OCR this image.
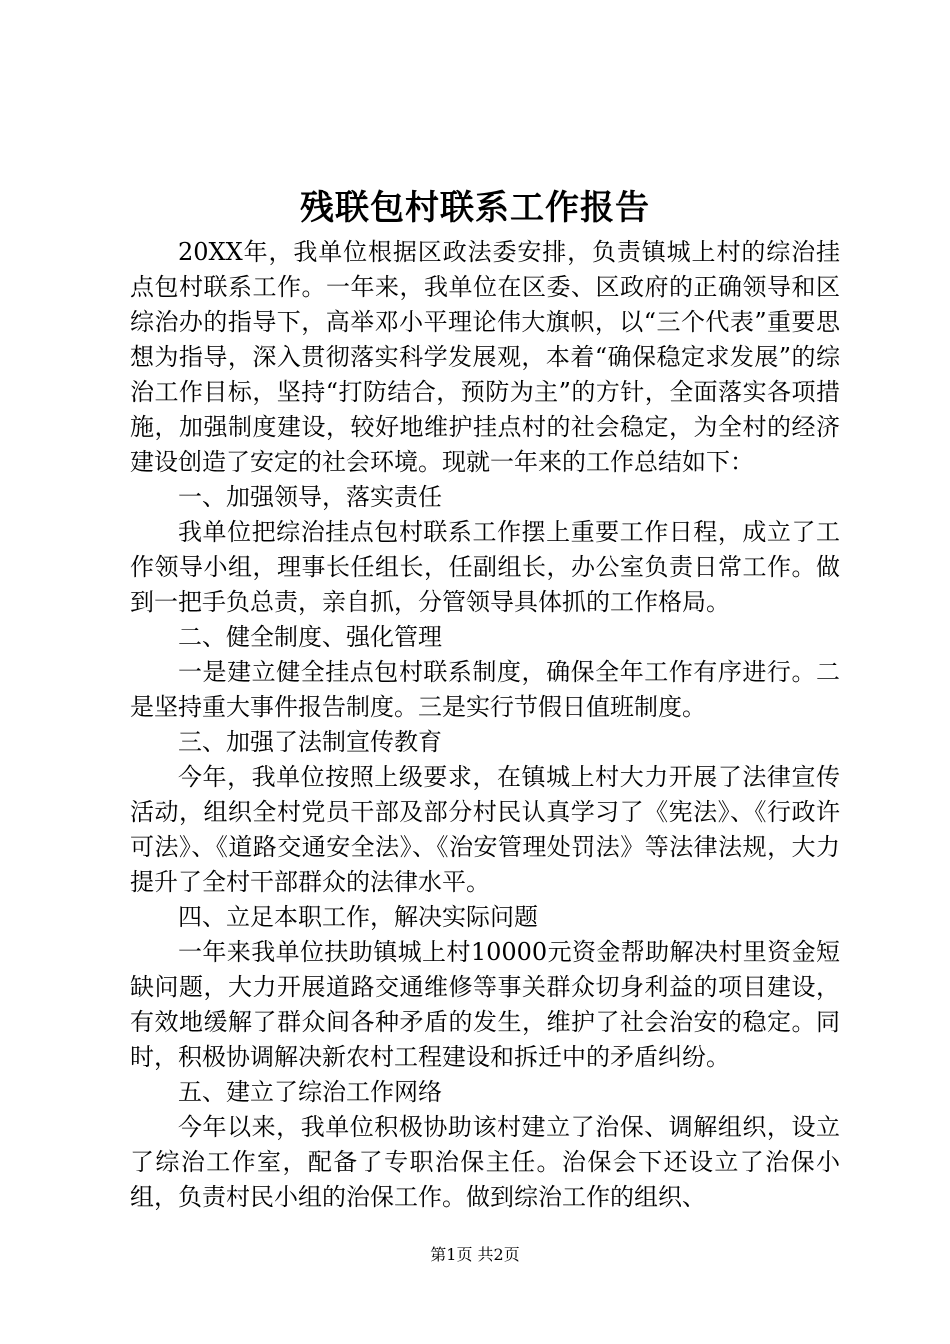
残联包村联系工作报告

20XX年，我单位根据区政法委安排，负责镇城上村的综治挂点包村联系工作。一年来，我单位在区委、区政府的正确领导和区综治办的指导下，高举邓小平理论伟大旗帜，以“三个代表”重要思想为指导，深入贯彻落实科学发展观，本着“确保稳定求发展”的综治工作目标，坚持“打防结合，预防为主”的方针，全面落实各项措施，加强制度建设，较好地维护挂点村的社会稳定，为全村的经济建设创造了安定的社会环境。现就一年来的工作总结如下：

一、加强领导，落实责任

我单位把综治挂点包村联系工作摆上重要工作日程，成立了工作领导小组，理事长任组长，任副组长，办公室负责日常工作。做到一把手负总责，亲自抓，分管领导具体抓的工作格局。

二、健全制度、强化管理

一是建立健全挂点包村联系制度，确保全年工作有序进行。二是坚持重大事件报告制度。三是实行节假日值班制度。

三、加强了法制宣传教育

今年，我单位按照上级要求，在镇城上村大力开展了法律宣传活动，组织全村党员干部及部分村民认真学习了《宪法》、《行政许可法》、《道路交通安全法》、《治安管理处罚法》等法律法规，大力提升了全村干部群众的法律水平。

四、立足本职工作，解决实际问题

一年来我单位扶助镇城上村10000元资金帮助解决村里资金短缺问题，大力开展道路交通维修等事关群众切身利益的项目建设，有效地缓解了群众间各种矛盾的发生，维护了社会治安的稳定。同时，积极协调解决新农村工程建设和拆迁中的矛盾纠纷。

五、建立了综治工作网络

今年以来，我单位积极协助该村建立了治保、调解组织，设立了综治工作室，配备了专职治保主任。治保会下还设立了治保小组，负责村民小组的治保工作。做到综治工作的组织、

第1页 共2页
